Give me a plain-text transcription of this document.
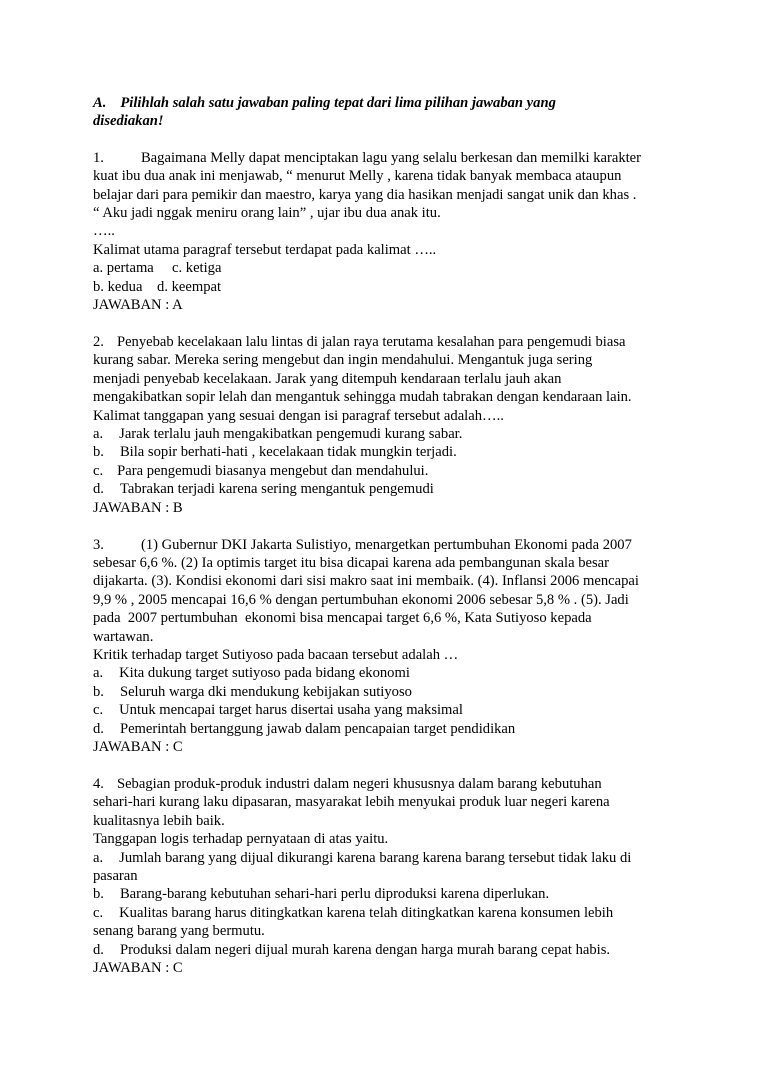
A. Pilihlah salah satu jawaban paling tepat dari lima pilihan jawaban yang

disediakan!

1.	Bagaimana Melly dapat menciptakan lagu yang selalu berkesan dan memilki karakter

kuat ibu dua anak ini menjawab, “ menurut Melly , karena tidak banyak membaca ataupun

belajar dari para pemikir dan maestro, karya yang dia hasikan menjadi sangat unik dan khas .

“ Aku jadi nggak meniru orang lain” , ujar ibu dua anak itu.

…..

Kalimat utama paragraf tersebut terdapat pada kalimat …..

a. pertama     c. ketiga

b. kedua    d. keempat

JAWABAN : A

2. Penyebab kecelakaan lalu lintas di jalan raya terutama kesalahan para pengemudi biasa

kurang sabar. Mereka sering mengebut dan ingin mendahului. Mengantuk juga sering

menjadi penyebab kecelakaan. Jarak yang ditempuh kendaraan terlalu jauh akan

mengakibatkan sopir lelah dan mengantuk sehingga mudah tabrakan dengan kendaraan lain.

Kalimat tanggapan yang sesuai dengan isi paragraf tersebut adalah…..

a. Jarak terlalu jauh mengakibatkan pengemudi kurang sabar.

b. Bila sopir berhati-hati , kecelakaan tidak mungkin terjadi.

c. Para pengemudi biasanya mengebut dan mendahului.

d. Tabrakan terjadi karena sering mengantuk pengemudi

JAWABAN : B

3.	(1) Gubernur DKI Jakarta Sulistiyo, menargetkan pertumbuhan Ekonomi pada 2007

sebesar 6,6 %. (2) Ia optimis target itu bisa dicapai karena ada pembangunan skala besar

dijakarta. (3). Kondisi ekonomi dari sisi makro saat ini membaik. (4). Inflansi 2006 mencapai

9,9 % , 2005 mencapai 16,6 % dengan pertumbuhan ekonomi 2006 sebesar 5,8 % . (5). Jadi

pada  2007 pertumbuhan  ekonomi bisa mencapai target 6,6 %, Kata Sutiyoso kepada

wartawan.

Kritik terhadap target Sutiyoso pada bacaan tersebut adalah …

a. Kita dukung target sutiyoso pada bidang ekonomi

b. Seluruh warga dki mendukung kebijakan sutiyoso

c. Untuk mencapai target harus disertai usaha yang maksimal

d. Pemerintah bertanggung jawab dalam pencapaian target pendidikan

JAWABAN : C

4. Sebagian produk-produk industri dalam negeri khususnya dalam barang kebutuhan

sehari-hari kurang laku dipasaran, masyarakat lebih menyukai produk luar negeri karena

kualitasnya lebih baik.

Tanggapan logis terhadap pernyataan di atas yaitu.

a. Jumlah barang yang dijual dikurangi karena barang karena barang tersebut tidak laku di

pasaran

b. Barang-barang kebutuhan sehari-hari perlu diproduksi karena diperlukan.

c. Kualitas barang harus ditingkatkan karena telah ditingkatkan karena konsumen lebih

senang barang yang bermutu.

d. Produksi dalam negeri dijual murah karena dengan harga murah barang cepat habis.

JAWABAN : C
